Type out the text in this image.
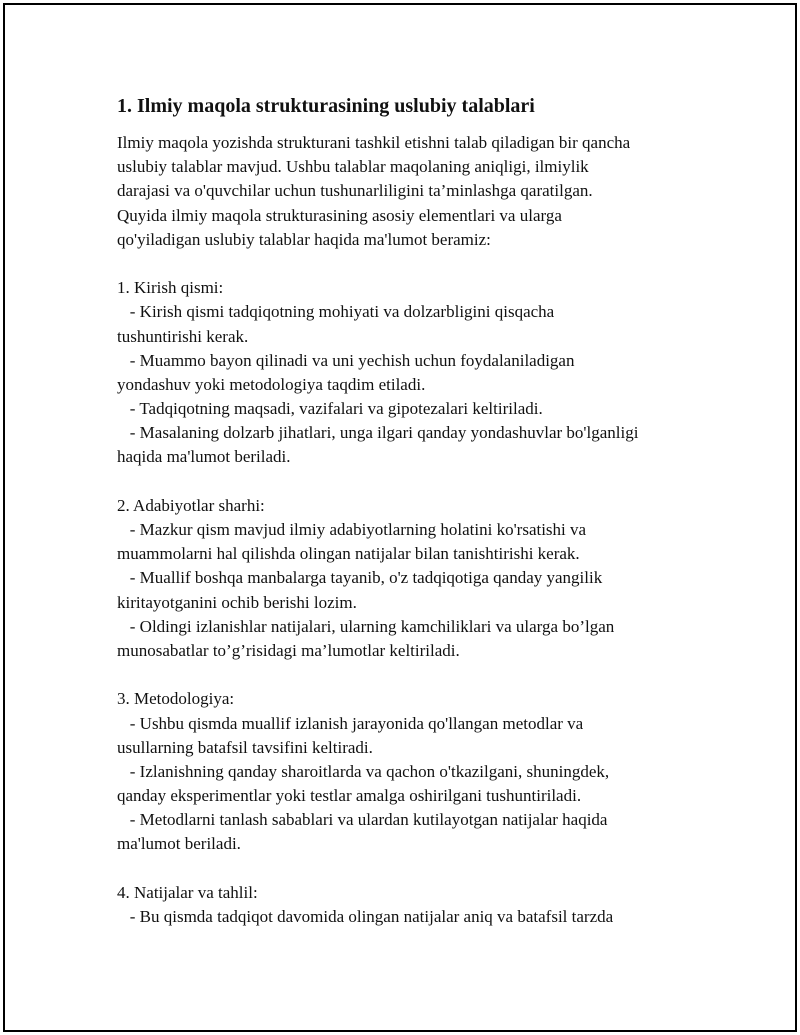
1. Ilmiy maqola strukturasining uslubiy talablari
Ilmiy maqola yozishda strukturani tashkil etishni talab qiladigan bir qancha
uslubiy talablar mavjud. Ushbu talablar maqolaning aniqligi, ilmiylik
darajasi va o'quvchilar uchun tushunarliligini ta’minlashga qaratilgan.
Quyida ilmiy maqola strukturasining asosiy elementlari va ularga
qo'yiladigan uslubiy talablar haqida ma'lumot beramiz:
1. Kirish qismi:
- Kirish qismi tadqiqotning mohiyati va dolzarbligini qisqacha
tushuntirishi kerak.
- Muammo bayon qilinadi va uni yechish uchun foydalaniladigan
yondashuv yoki metodologiya taqdim etiladi.
- Tadqiqotning maqsadi, vazifalari va gipotezalari keltiriladi.
- Masalaning dolzarb jihatlari, unga ilgari qanday yondashuvlar bo'lganligi
haqida ma'lumot beriladi.
2. Adabiyotlar sharhi:
- Mazkur qism mavjud ilmiy adabiyotlarning holatini ko'rsatishi va
muammolarni hal qilishda olingan natijalar bilan tanishtirishi kerak.
- Muallif boshqa manbalarga tayanib, o'z tadqiqotiga qanday yangilik
kiritayotganini ochib berishi lozim.
- Oldingi izlanishlar natijalari, ularning kamchiliklari va ularga bo’lgan
munosabatlar to’g’risidagi ma’lumotlar keltiriladi.
3. Metodologiya:
- Ushbu qismda muallif izlanish jarayonida qo'llangan metodlar va
usullarning batafsil tavsifini keltiradi.
- Izlanishning qanday sharoitlarda va qachon o'tkazilgani, shuningdek,
qanday eksperimentlar yoki testlar amalga oshirilgani tushuntiriladi.
- Metodlarni tanlash sabablari va ulardan kutilayotgan natijalar haqida
ma'lumot beriladi.
4. Natijalar va tahlil:
- Bu qismda tadqiqot davomida olingan natijalar aniq va batafsil tarzda
